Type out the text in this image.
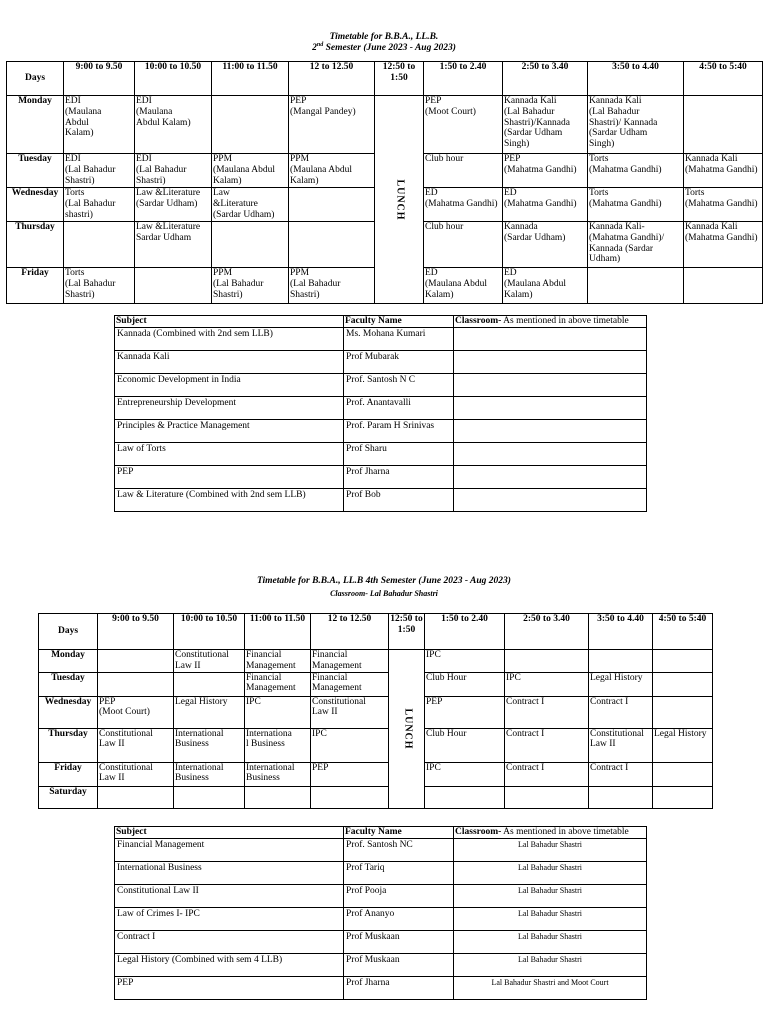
Timetable for B.B.A., LL.B.
2nd Semester (June 2023 - Aug 2023)
Days	9:00 to 9.50	10:00 to 10.50	11:00 to 11.50	12 to 12.50	12:50 to 1:50	1:50 to 2.40	2:50 to 3.40	3:50 to 4.40	4:50 to 5:40
Monday	EDI
(Maulana
Abdul
Kalam)	EDI
(Maulana
Abdul Kalam)		PEP
(Mangal Pandey)	LUNCH	PEP
(Moot Court)	Kannada Kali
(Lal Bahadur
Shastri)/Kannada
(Sardar Udham
Singh)	Kannada Kali
(Lal Bahadur
Shastri)/ Kannada
(Sardar Udham
Singh)	
Tuesday	EDI
(Lal Bahadur
Shastri)	EDI
(Lal Bahadur
Shastri)	PPM
(Maulana Abdul
Kalam)	PPM
(Maulana Abdul
Kalam)		Club hour	PEP
(Mahatma Gandhi)	Torts
(Mahatma Gandhi)	Kannada Kali
(Mahatma Gandhi)
Wednesday	Torts
(Lal Bahadur
shastri)	Law &Literature
(Sardar Udham)	Law
&Literature
(Sardar Udham)			ED
(Mahatma Gandhi)	ED
(Mahatma Gandhi)	Torts
(Mahatma Gandhi)	Torts
(Mahatma Gandhi)
Thursday		Law &Literature
Sardar Udham				Club hour	Kannada
(Sardar Udham)	Kannada Kali-
(Mahatma Gandhi)/
Kannada (Sardar
Udham)	Kannada Kali
(Mahatma Gandhi)
Friday	Torts
(Lal Bahadur
Shastri)		PPM
(Lal Bahadur
Shastri)	PPM
(Lal Bahadur
Shastri)		ED
(Maulana Abdul
Kalam)	ED
(Maulana Abdul
Kalam)		
Subject	Faculty Name	Classroom- As mentioned in above timetable
Kannada (Combined with 2nd sem LLB)	Ms. Mohana Kumari	
Kannada Kali	Prof Mubarak	
Economic Development in India	Prof. Santosh N C	
Entrepreneurship Development	Prof. Anantavalli	
Principles & Practice Management	Prof. Param H Srinivas	
Law of Torts	Prof Sharu	
PEP	Prof Jharna	
Law & Literature (Combined with 2nd sem LLB)	Prof Bob	
Timetable for B.B.A., LL.B 4th Semester (June 2023 - Aug 2023)
Classroom- Lal Bahadur Shastri
Days	9:00 to 9.50	10:00 to 10.50	11:00 to 11.50	12 to 12.50	12:50 to 1:50	1:50 to 2.40	2:50 to 3.40	3:50 to 4.40	4:50 to 5:40
Monday		Constitutional
Law II	Financial
Management	Financial
Management	LUNCH	IPC			
Tuesday			Financial
Management	Financial
Management		Club Hour	IPC	Legal History	
Wednesday	PEP
(Moot Court)	Legal History	IPC	Constitutional
Law II		PEP	Contract I	Contract I	
Thursday	Constitutional
Law II	International
Business	Internationa
l Business	IPC		Club Hour	Contract I	Constitutional
Law II	Legal History
Friday	Constitutional
Law II	International
Business	International
Business	PEP		IPC	Contract I	Contract I	
Saturday									
Subject	Faculty Name	Classroom- As mentioned in above timetable
Financial Management	Prof. Santosh NC	Lal Bahadur Shastri
International Business	Prof Tariq	Lal Bahadur Shastri
Constitutional Law II	Prof Pooja	Lal Bahadur Shastri
Law of Crimes I- IPC	Prof Ananyo	Lal Bahadur Shastri
Contract I	Prof Muskaan	Lal Bahadur Shastri
Legal History (Combined with sem 4 LLB)	Prof Muskaan	Lal Bahadur Shastri
PEP	Prof Jharna	Lal Bahadur Shastri and Moot Court
